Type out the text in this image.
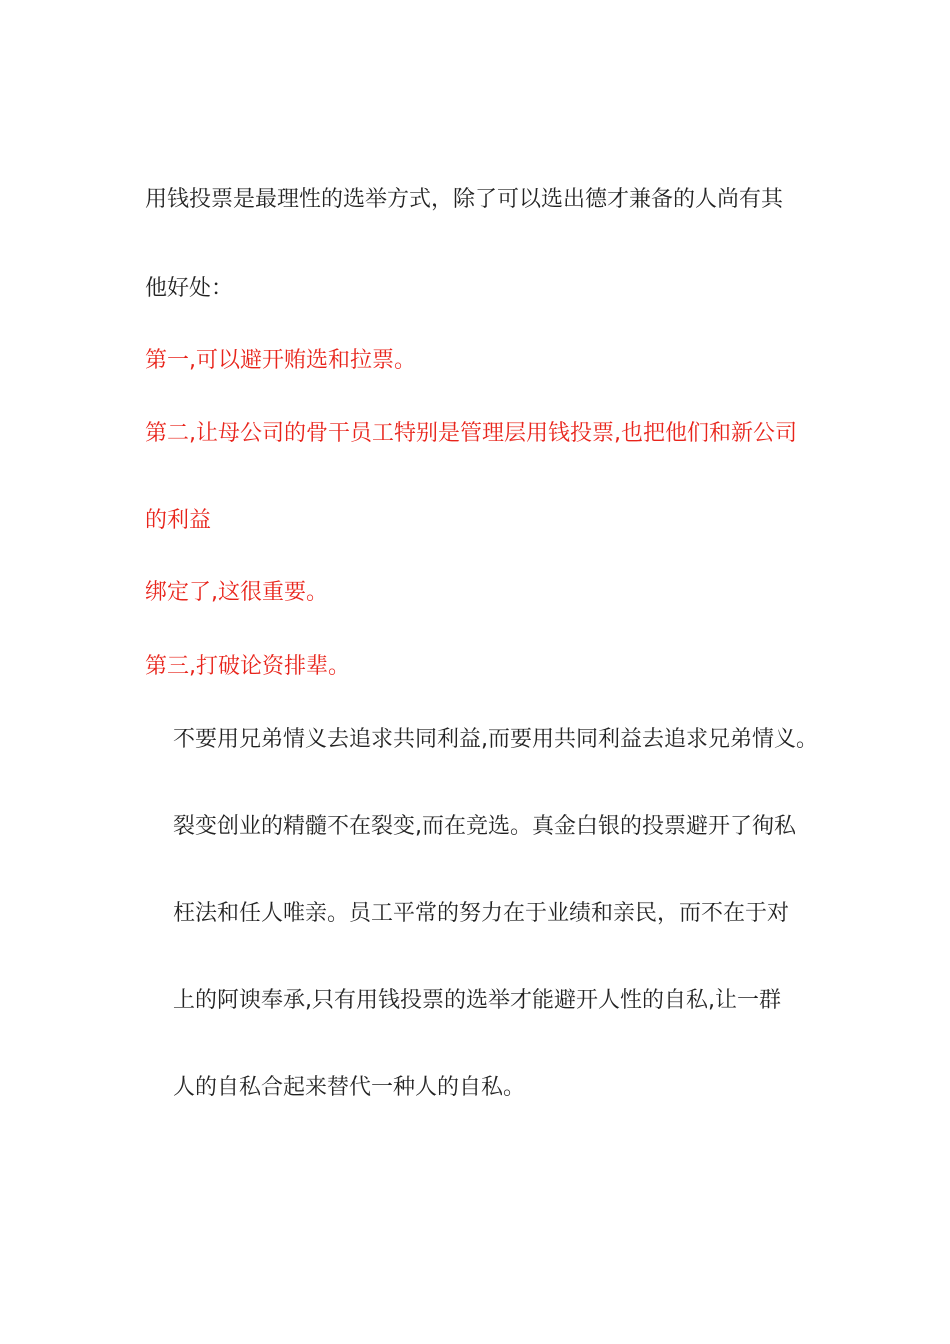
用钱投票是最理性的选举方式，除了可以选出德才兼备的人尚有其
他好处：
第一,可以避开贿选和拉票。
第二,让母公司的骨干员工特别是管理层用钱投票,也把他们和新公司
的利益
绑定了,这很重要。
第三,打破论资排辈。
不要用兄弟情义去追求共同利益,而要用共同利益去追求兄弟情义。
裂变创业的精髓不在裂变,而在竞选。真金白银的投票避开了徇私
枉法和任人唯亲。员工平常的努力在于业绩和亲民，而不在于对
上的阿谀奉承,只有用钱投票的选举才能避开人性的自私,让一群
人的自私合起来替代一种人的自私。
